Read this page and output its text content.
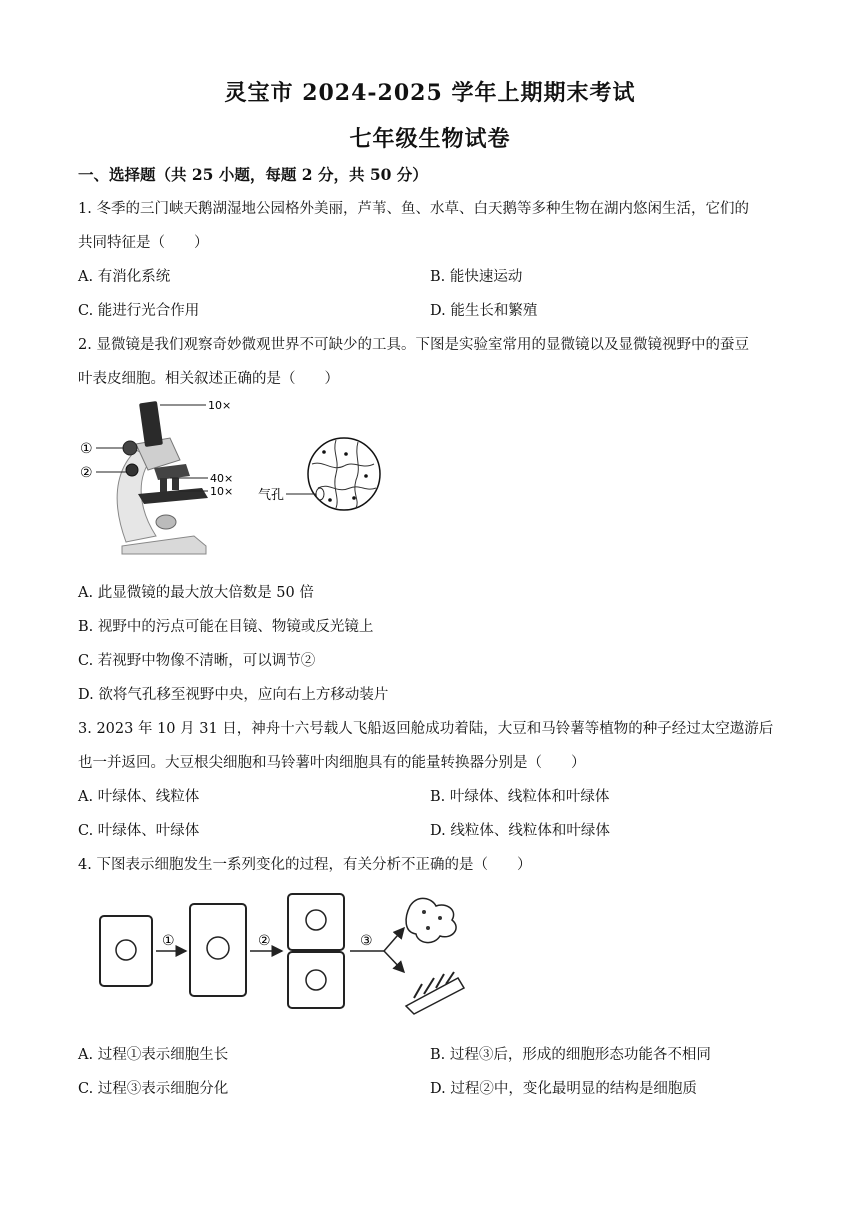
灵宝市 2024-2025 学年上期期末考试
七年级生物试卷
一、选择题（共 25 小题，每题 2 分，共 50 分）
1. 冬季的三门峡天鹅湖湿地公园格外美丽，芦苇、鱼、水草、白天鹅等多种生物在湖内悠闲生活，它们的
共同特征是（　　）
A. 有消化系统	B. 能快速运动
C. 能进行光合作用	D. 能生长和繁殖
2. 显微镜是我们观察奇妙微观世界不可缺少的工具。下图是实验室常用的显微镜以及显微镜视野中的蚕豆
叶表皮细胞。相关叙述正确的是（　　）
10×
40×
10×
①
②
气孔
A. 此显微镜的最大放大倍数是 50 倍
B. 视野中的污点可能在目镜、物镜或反光镜上
C. 若视野中物像不清晰，可以调节②
D. 欲将气孔移至视野中央，应向右上方移动装片
3. 2023 年 10 月 31 日，神舟十六号载人飞船返回舱成功着陆，大豆和马铃薯等植物的种子经过太空遨游后
也一并返回。大豆根尖细胞和马铃薯叶肉细胞具有的能量转换器分别是（　　）
A. 叶绿体、线粒体	B. 叶绿体、线粒体和叶绿体
C. 叶绿体、叶绿体	D. 线粒体、线粒体和叶绿体
4. 下图表示细胞发生一系列变化的过程，有关分析不正确的是（　　）
①	②	③
A. 过程①表示细胞生长	B. 过程③后，形成的细胞形态功能各不相同
C. 过程③表示细胞分化	D. 过程②中，变化最明显的结构是细胞质
